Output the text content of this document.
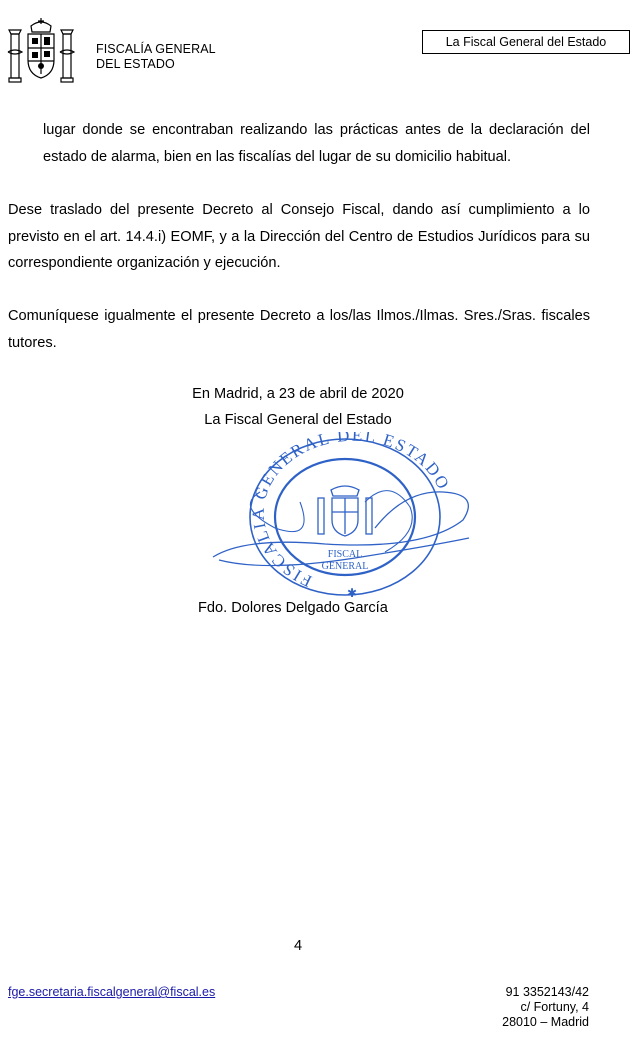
FISCALÍA GENERAL
DEL ESTADO
La Fiscal General del Estado
lugar donde se encontraban realizando las prácticas antes de la declaración del estado de alarma, bien en las fiscalías del lugar de su domicilio habitual.
Dese traslado del presente Decreto al Consejo Fiscal, dando así cumplimiento a lo previsto en el art. 14.4.i) EOMF, y a la Dirección del Centro de Estudios Jurídicos para su correspondiente organización y ejecución.
Comuníquese igualmente el presente Decreto a los/las Ilmos./Ilmas. Sres./Sras. fiscales tutores.
En Madrid, a 23 de abril de 2020
La Fiscal General del Estado
FISCALIA GENERAL DEL ESTADO
FISCAL
GENERAL
✱
Fdo. Dolores Delgado García
4
fge.secretaria.fiscalgeneral@fiscal.es	91 3352143/42
c/ Fortuny, 4
28010 – Madrid
